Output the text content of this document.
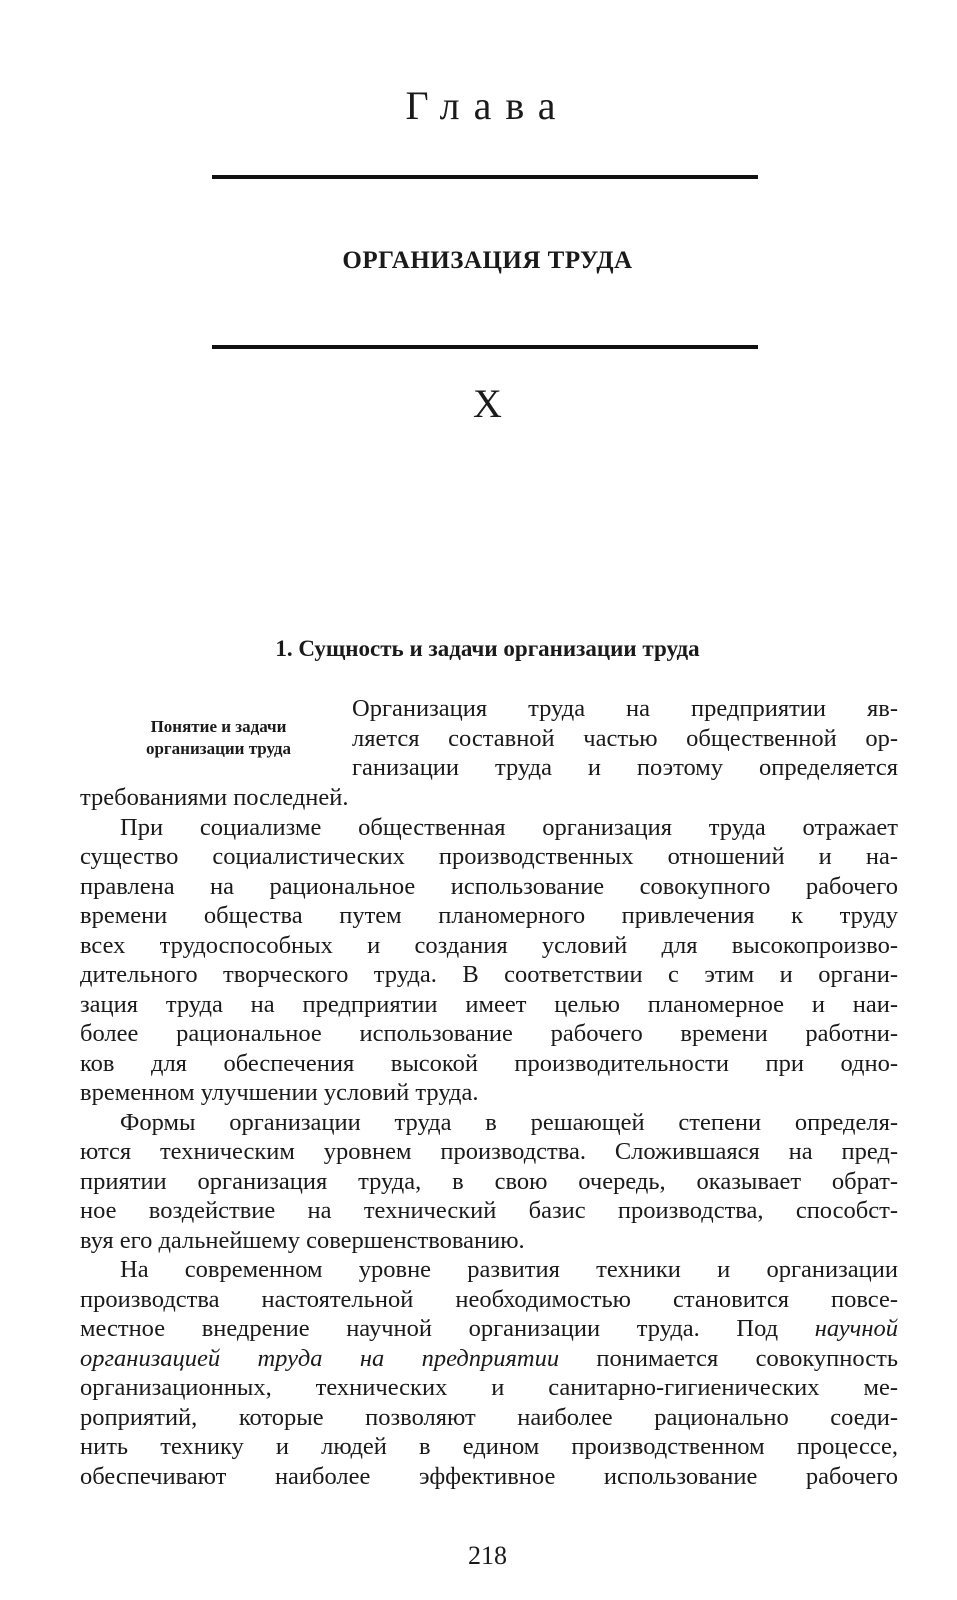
Глава
ОРГАНИЗАЦИЯ ТРУДА
X
1. Сущность и задачи организации труда
Понятие и задачи организации труда
Организация труда на предприятии яв-
ляется составной частью общественной ор-
ганизации труда и поэтому определяется
требованиями последней.
При социализме общественная организация труда отражает
существо социалистических производственных отношений и на-
правлена на рациональное использование совокупного рабочего
времени общества путем планомерного привлечения к труду
всех трудоспособных и создания условий для высокопроизво-
дительного творческого труда. В соответствии с этим и органи-
зация труда на предприятии имеет целью планомерное и наи-
более рациональное использование рабочего времени работни-
ков для обеспечения высокой производительности при одно-
временном улучшении условий труда.
Формы организации труда в решающей степени определя-
ются техническим уровнем производства. Сложившаяся на пред-
приятии организация труда, в свою очередь, оказывает обрат-
ное воздействие на технический базис производства, способст-
вуя его дальнейшему совершенствованию.
На современном уровне развития техники и организации
производства настоятельной необходимостью становится повсе-
местное внедрение научной организации труда. Под научной
организацией труда на предприятии понимается совокупность
организационных, технических и санитарно-гигиенических ме-
роприятий, которые позволяют наиболее рационально соеди-
нить технику и людей в едином производственном процессе,
обеспечивают наиболее эффективное использование рабочего
218
